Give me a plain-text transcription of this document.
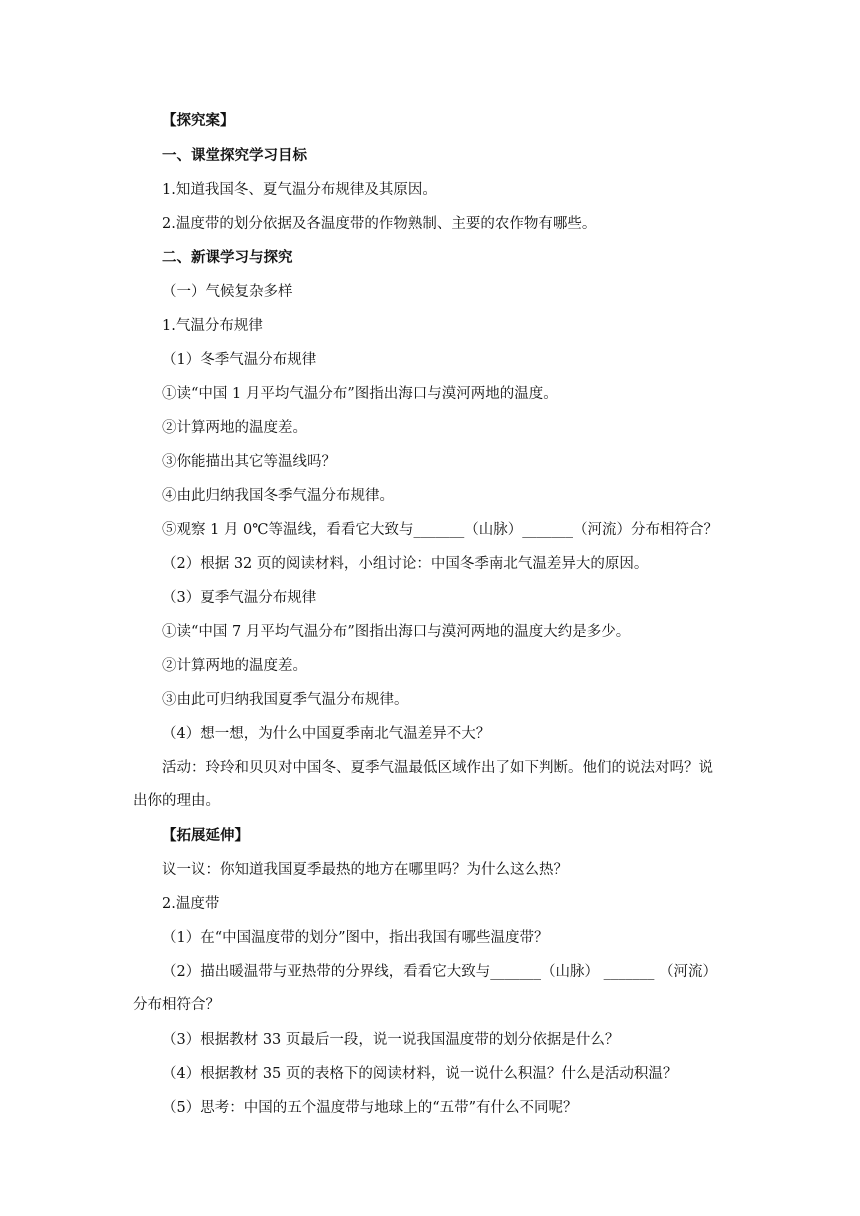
【探究案】
一、课堂探究学习目标
1.知道我国冬、夏气温分布规律及其原因。
2.温度带的划分依据及各温度带的作物熟制、主要的农作物有哪些。
二、新课学习与探究
（一）气候复杂多样
1.气温分布规律
（1）冬季气温分布规律
①读“中国 1 月平均气温分布”图指出海口与漠河两地的温度。
②计算两地的温度差。
③你能描出其它等温线吗？
④由此归纳我国冬季气温分布规律。
⑤观察 1 月 0℃等温线，看看它大致与_______（山脉）_______（河流）分布相符合？
（2）根据 32 页的阅读材料，小组讨论：中国冬季南北气温差异大的原因。
（3）夏季气温分布规律
①读“中国 7 月平均气温分布”图指出海口与漠河两地的温度大约是多少。
②计算两地的温度差。
③由此可归纳我国夏季气温分布规律。
（4）想一想，为什么中国夏季南北气温差异不大？
活动：玲玲和贝贝对中国冬、夏季气温最低区域作出了如下判断。他们的说法对吗？说
出你的理由。
【拓展延伸】
议一议：你知道我国夏季最热的地方在哪里吗？为什么这么热？
2.温度带
（1）在“中国温度带的划分”图中，指出我国有哪些温度带？
（2）描出暖温带与亚热带的分界线，看看它大致与_______（山脉） _______ （河流）
分布相符合？
（3）根据教材 33 页最后一段，说一说我国温度带的划分依据是什么？
（4）根据教材 35 页的表格下的阅读材料，说一说什么积温？什么是活动积温？
（5）思考：中国的五个温度带与地球上的“五带”有什么不同呢？
